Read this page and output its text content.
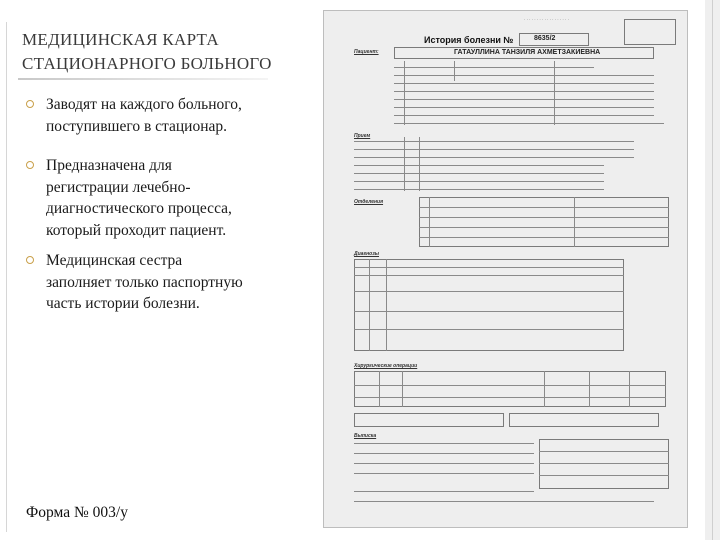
МЕДИЦИНСКАЯ КАРТА
СТАЦИОНАРНОГО БОЛЬНОГО
Заводят на каждого больного,
поступившего в стационар.
Предназначена для
регистрации лечебно-
диагностического процесса,
который проходит пациент.
Медицинская сестра
заполняет только паспортную
часть истории болезни.
Форма № 003/у
· · · · · · · · · · · · · · · · · ·
История болезни №	8635/2
Пациент:	ГАТАУЛЛИНА ТАНЗИЛЯ АХМЕТЗАКИЕВНА
Прием
Отделения
Диагнозы
Хирургические операции
Выписка
